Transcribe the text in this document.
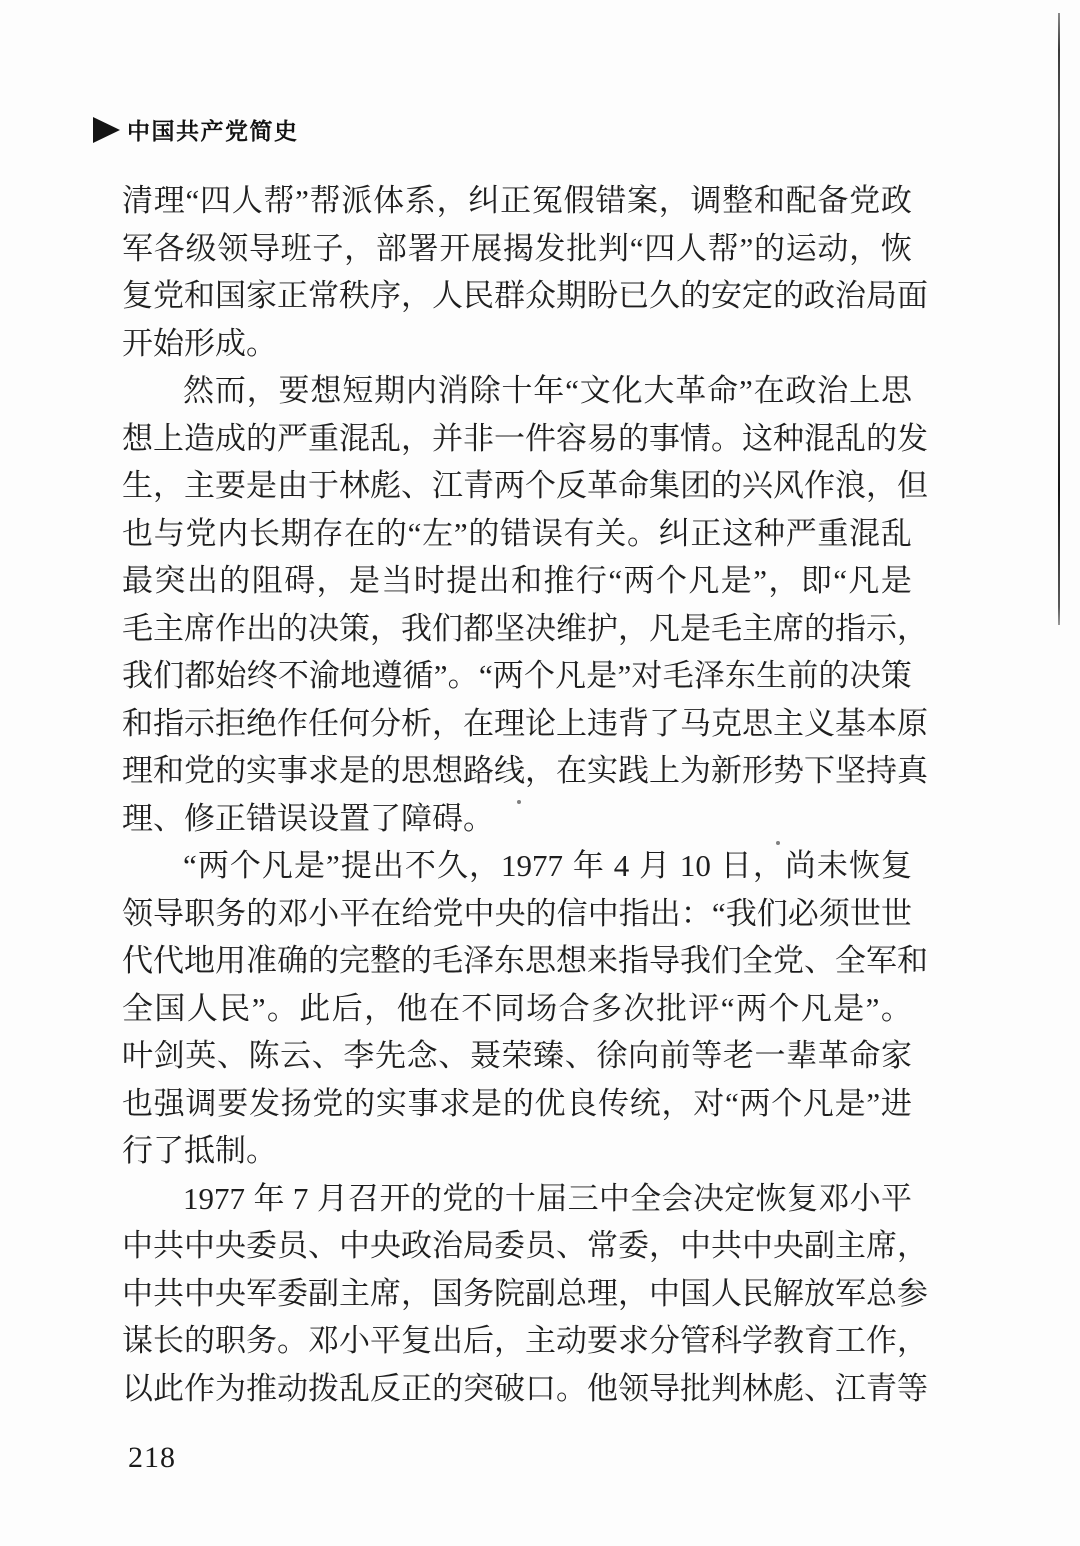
中国共产党简史
清 理 “ 四 人 帮 ” 帮 派 体 系 ， 纠 正 冤 假 错 案 ， 调 整 和 配 备 党 政
军 各 级 领 导 班 子 ， 部 署 开 展 揭 发 批 判 “ 四 人 帮 ” 的 运 动 ， 恢
复 党 和 国 家 正 常 秩 序 ， 人 民 群 众 期 盼 已 久 的 安 定 的 政 治 局 面
开 始 形 成 。
然 而 ， 要 想 短 期 内 消 除 十 年 “ 文 化 大 革 命 ” 在 政 治 上 思
想 上 造 成 的 严 重 混 乱 ， 并 非 一 件 容 易 的 事 情 。 这 种 混 乱 的 发
生 ， 主 要 是 由 于 林 彪 、 江 青 两 个 反 革 命 集 团 的 兴 风 作 浪 ， 但
也 与 党 内 长 期 存 在 的 “ 左 ” 的 错 误 有 关 。 纠 正 这 种 严 重 混 乱
最 突 出 的 阻 碍 ， 是 当 时 提 出 和 推 行 “ 两 个 凡 是 ” ， 即 “ 凡 是
毛 主 席 作 出 的 决 策 ， 我 们 都 坚 决 维 护 ， 凡 是 毛 主 席 的 指 示 ，
我 们 都 始 终 不 渝 地 遵 循 ” 。 “ 两 个 凡 是 ” 对 毛 泽 东 生 前 的 决 策
和 指 示 拒 绝 作 任 何 分 析 ， 在 理 论 上 违 背 了 马 克 思 主 义 基 本 原
理 和 党 的 实 事 求 是 的 思 想 路 线 ， 在 实 践 上 为 新 形 势 下 坚 持 真
理 、 修 正 错 误 设 置 了 障 碍 。
“ 两 个 凡 是 ” 提 出 不 久 ， 1977
年
4
月
10
日 ， 尚 未 恢 复
领 导 职 务 的 邓 小 平 在 给 党 中 央 的 信 中 指 出 ： “ 我 们 必 须 世 世
代 代 地 用 准 确 的 完 整 的 毛 泽 东 思 想 来 指 导 我 们 全 党 、 全 军 和
全 国 人 民 ” 。 此 后 ， 他 在 不 同 场 合 多 次 批 评 “ 两 个 凡 是 ” 。
叶 剑 英 、 陈 云 、 李 先 念 、 聂 荣 臻 、 徐 向 前 等 老 一 辈 革 命 家
也 强 调 要 发 扬 党 的 实 事 求 是 的 优 良 传 统 ， 对 “ 两 个 凡 是 ” 进
行 了 抵 制 。
1977
年
7
月 召 开 的 党 的 十 届 三 中 全 会 决 定 恢 复 邓 小 平
中 共 中 央 委 员 、 中 央 政 治 局 委 员 、 常 委 ， 中 共 中 央 副 主 席 ，
中 共 中 央 军 委 副 主 席 ， 国 务 院 副 总 理 ， 中 国 人 民 解 放 军 总 参
谋 长 的 职 务 。 邓 小 平 复 出 后 ， 主 动 要 求 分 管 科 学 教 育 工 作 ，
以 此 作 为 推 动 拨 乱 反 正 的 突 破 口 。 他 领 导 批 判 林 彪 、 江 青 等
218
